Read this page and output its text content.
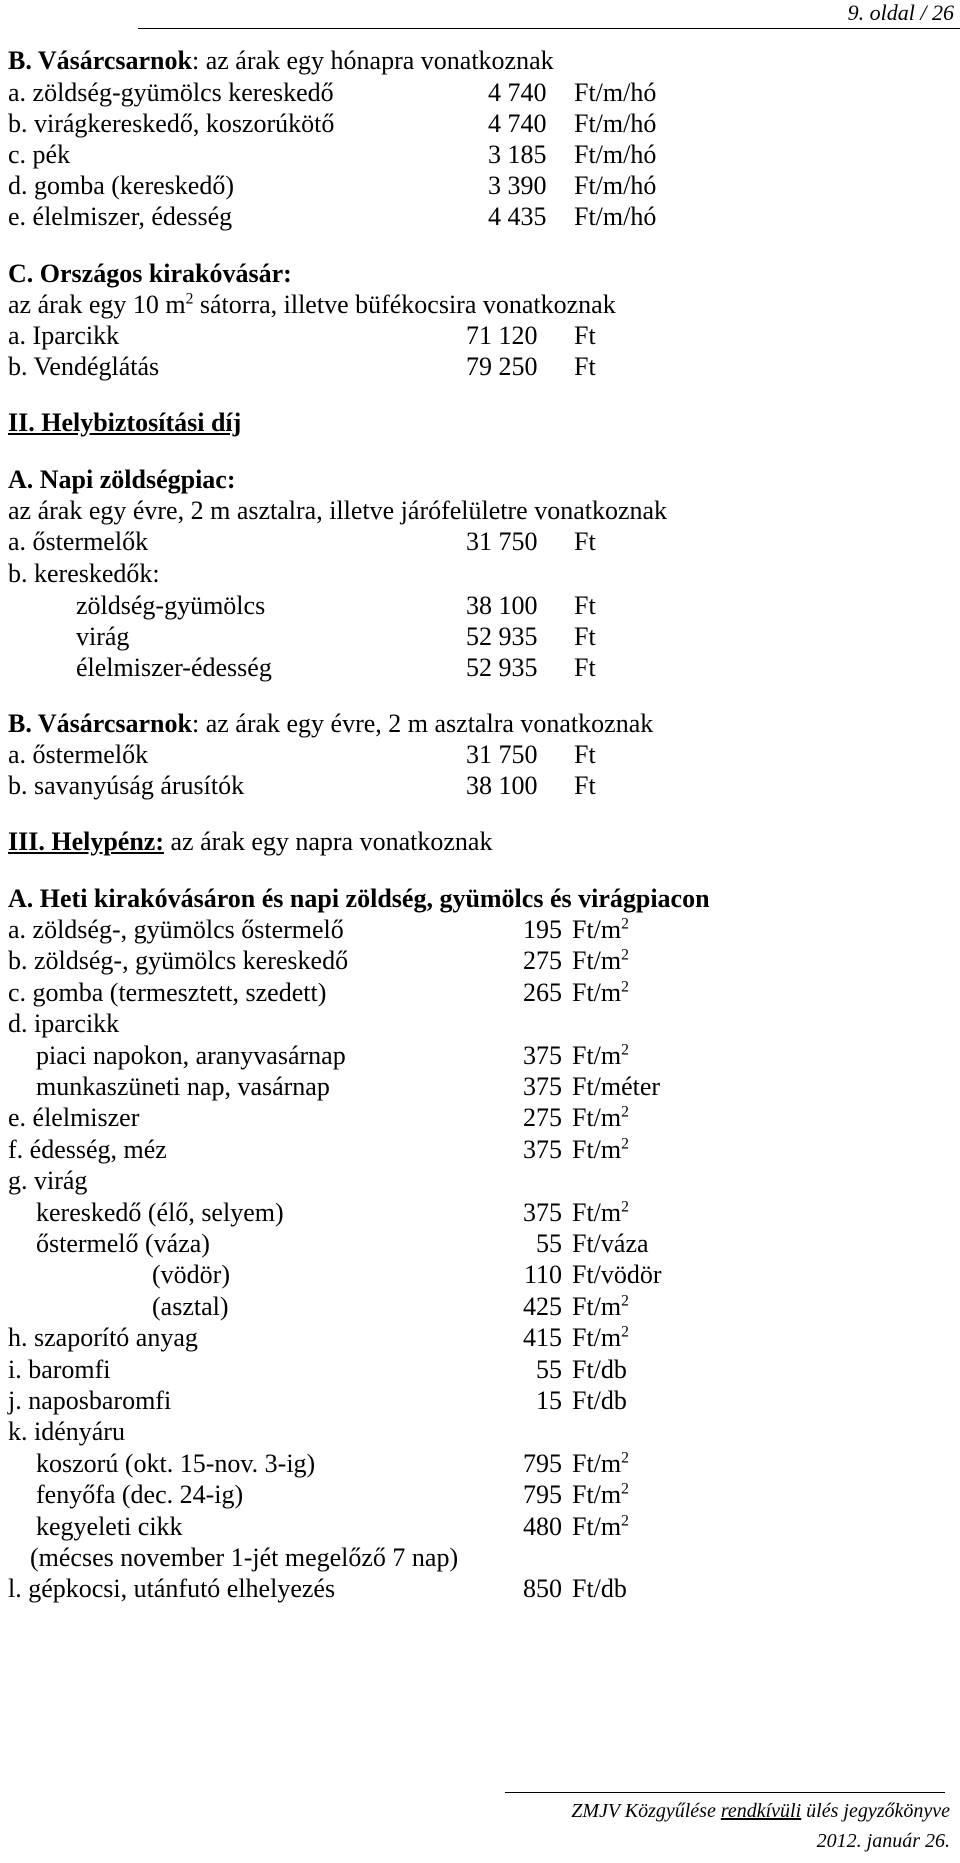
9. oldal / 26
B. Vásárcsarnok: az árak egy hónapra vonatkoznak
a. zöldség-gyümölcs kereskedő	4 740 Ft/m/hó
b. virágkereskedő, koszorúkötő	4 740 Ft/m/hó
c. pék	3 185 Ft/m/hó
d. gomba (kereskedő)	3 390 Ft/m/hó
e. élelmiszer, édesség	4 435 Ft/m/hó
C. Országos kirakóvásár:
az árak egy 10 $m^2$ sátorra, illetve büfékocsira vonatkoznak
a. Iparcikk	71 120 Ft
b. Vendéglátás	79 250 Ft
II. Helybiztosítási díj
A. Napi zöldségpiac:
az árak egy évre, 2 m asztalra, illetve járófelületre vonatkoznak
a. őstermelők	31 750 Ft
b. kereskedők:
zöldség-gyümölcs	38 100 Ft
virág	52 935 Ft
élelmiszer-édesség	52 935 Ft
B. Vásárcsarnok: az árak egy évre, 2 m asztalra vonatkoznak
a. őstermelők	31 750 Ft
b. savanyúság árusítók	38 100 Ft
III. Helypénz: az árak egy napra vonatkoznak
A. Heti kirakóvásáron és napi zöldség, gyümölcs és virágpiacon
a. zöldség-, gyümölcs őstermelő	195 $Ft/m^2$
b. zöldség-, gyümölcs kereskedő	275 $Ft/m^2$
c. gomba (termesztett, szedett)	265 $Ft/m^2$
d. iparcikk
piaci napokon, aranyvasárnap	375 $Ft/m^2$
munkaszüneti nap, vasárnap	375 Ft/méter
e. élelmiszer	275 $Ft/m^2$
f. édesség, méz	375 $Ft/m^2$
g. virág
kereskedő (élő, selyem)	375 $Ft/m^2$
őstermelő (váza)	55 Ft/váza
(vödör)	110 Ft/vödör
(asztal)	425 $Ft/m^2$
h. szaporító anyag	415 $Ft/m^2$
i. baromfi	55 Ft/db
j. naposbaromfi	15 Ft/db
k. idényáru
koszorú (okt. 15-nov. 3-ig)	795 $Ft/m^2$
fenyőfa (dec. 24-ig)	795 $Ft/m^2$
kegyeleti cikk	480 $Ft/m^2$
(mécses november 1-jét megelőző 7 nap)
l. gépkocsi, utánfutó elhelyezés	850 Ft/db
ZMJV Közgyűlése rendkívüli ülés jegyzőkönyve
2012. január 26.
